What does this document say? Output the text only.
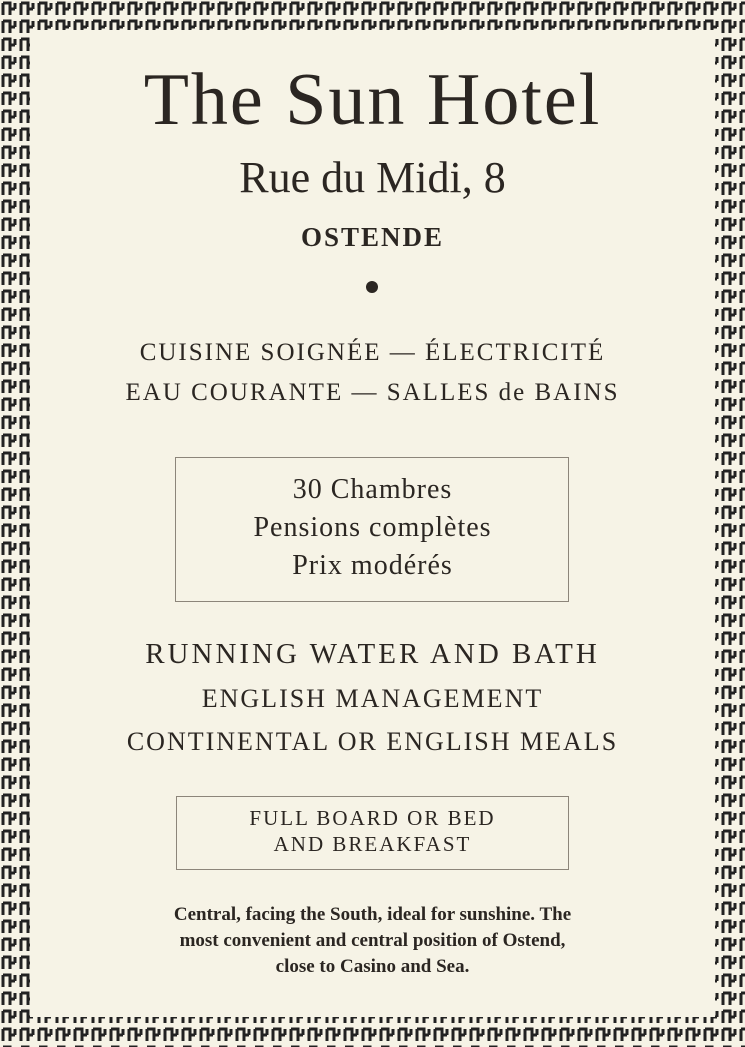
The Sun Hotel
Rue du Midi, 8
OSTENDE
CUISINE SOIGNÉE — ÉLECTRICITÉ
EAU COURANTE — SALLES de BAINS
30 Chambres
Pensions complètes
Prix modérés
RUNNING WATER AND BATH
ENGLISH MANAGEMENT
CONTINENTAL OR ENGLISH MEALS
FULL BOARD OR BED
AND BREAKFAST
Central, facing the South, ideal for sunshine. The
most convenient and central position of Ostend,
close to Casino and Sea.
